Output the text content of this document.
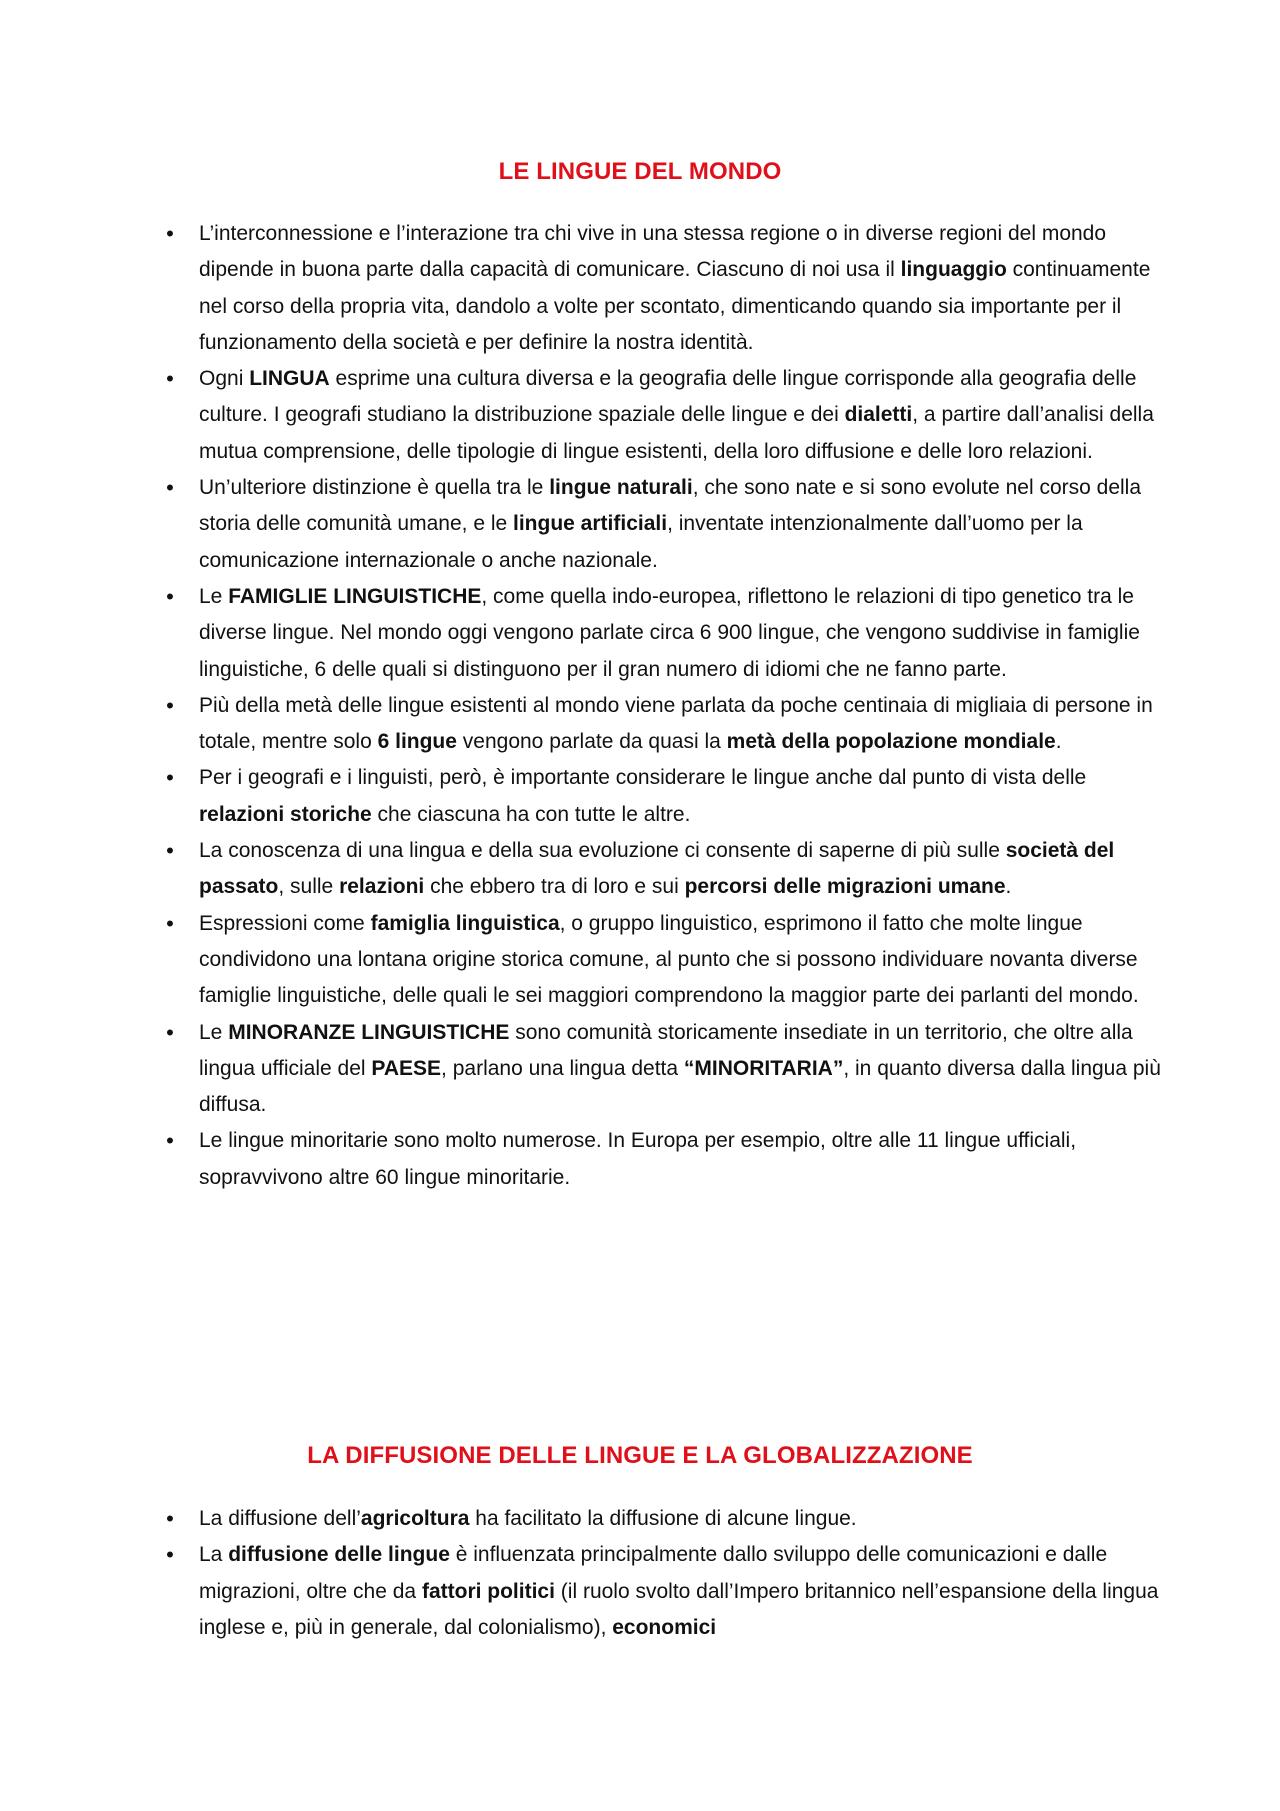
LE LINGUE DEL MONDO
• L’interconnessione e l’interazione tra chi vive in una stessa regione o in diverse regioni del mondo dipende in buona parte dalla capacità di comunicare. Ciascuno di noi usa il linguaggio continuamente nel corso della propria vita, dandolo a volte per scontato, dimenticando quando sia importante per il funzionamento della società e per definire la nostra identità.
• Ogni LINGUA esprime una cultura diversa e la geografia delle lingue corrisponde alla geografia delle culture. I geografi studiano la distribuzione spaziale delle lingue e dei dialetti, a partire dall’analisi della mutua comprensione, delle tipologie di lingue esistenti, della loro diffusione e delle loro relazioni.
• Un’ulteriore distinzione è quella tra le lingue naturali, che sono nate e si sono evolute nel corso della storia delle comunità umane, e le lingue artificiali, inventate intenzionalmente dall’uomo per la comunicazione internazionale o anche nazionale.
• Le FAMIGLIE LINGUISTICHE, come quella indo-europea, riflettono le relazioni di tipo genetico tra le diverse lingue. Nel mondo oggi vengono parlate circa 6 900 lingue, che vengono suddivise in famiglie linguistiche, 6 delle quali si distinguono per il gran numero di idiomi che ne fanno parte.
• Più della metà delle lingue esistenti al mondo viene parlata da poche centinaia di migliaia di persone in totale, mentre solo 6 lingue vengono parlate da quasi la metà della popolazione mondiale.
• Per i geografi e i linguisti, però, è importante considerare le lingue anche dal punto di vista delle relazioni storiche che ciascuna ha con tutte le altre.
• La conoscenza di una lingua e della sua evoluzione ci consente di saperne di più sulle società del passato, sulle relazioni che ebbero tra di loro e sui percorsi delle migrazioni umane.
• Espressioni come famiglia linguistica, o gruppo linguistico, esprimono il fatto che molte lingue condividono una lontana origine storica comune, al punto che si possono individuare novanta diverse famiglie linguistiche, delle quali le sei maggiori comprendono la maggior parte dei parlanti del mondo.
• Le MINORANZE LINGUISTICHE sono comunità storicamente insediate in un territorio, che oltre alla lingua ufficiale del PAESE, parlano una lingua detta “MINORITARIA”, in quanto diversa dalla lingua più diffusa.
• Le lingue minoritarie sono molto numerose. In Europa per esempio, oltre alle 11 lingue ufficiali, sopravvivono altre 60 lingue minoritarie.
LA DIFFUSIONE DELLE LINGUE E LA GLOBALIZZAZIONE
• La diffusione dell’agricoltura ha facilitato la diffusione di alcune lingue.
• La diffusione delle lingue è influenzata principalmente dallo sviluppo delle comunicazioni e dalle migrazioni, oltre che da fattori politici (il ruolo svolto dall’Impero britannico nell’espansione della lingua inglese e, più in generale, dal colonialismo), economici
